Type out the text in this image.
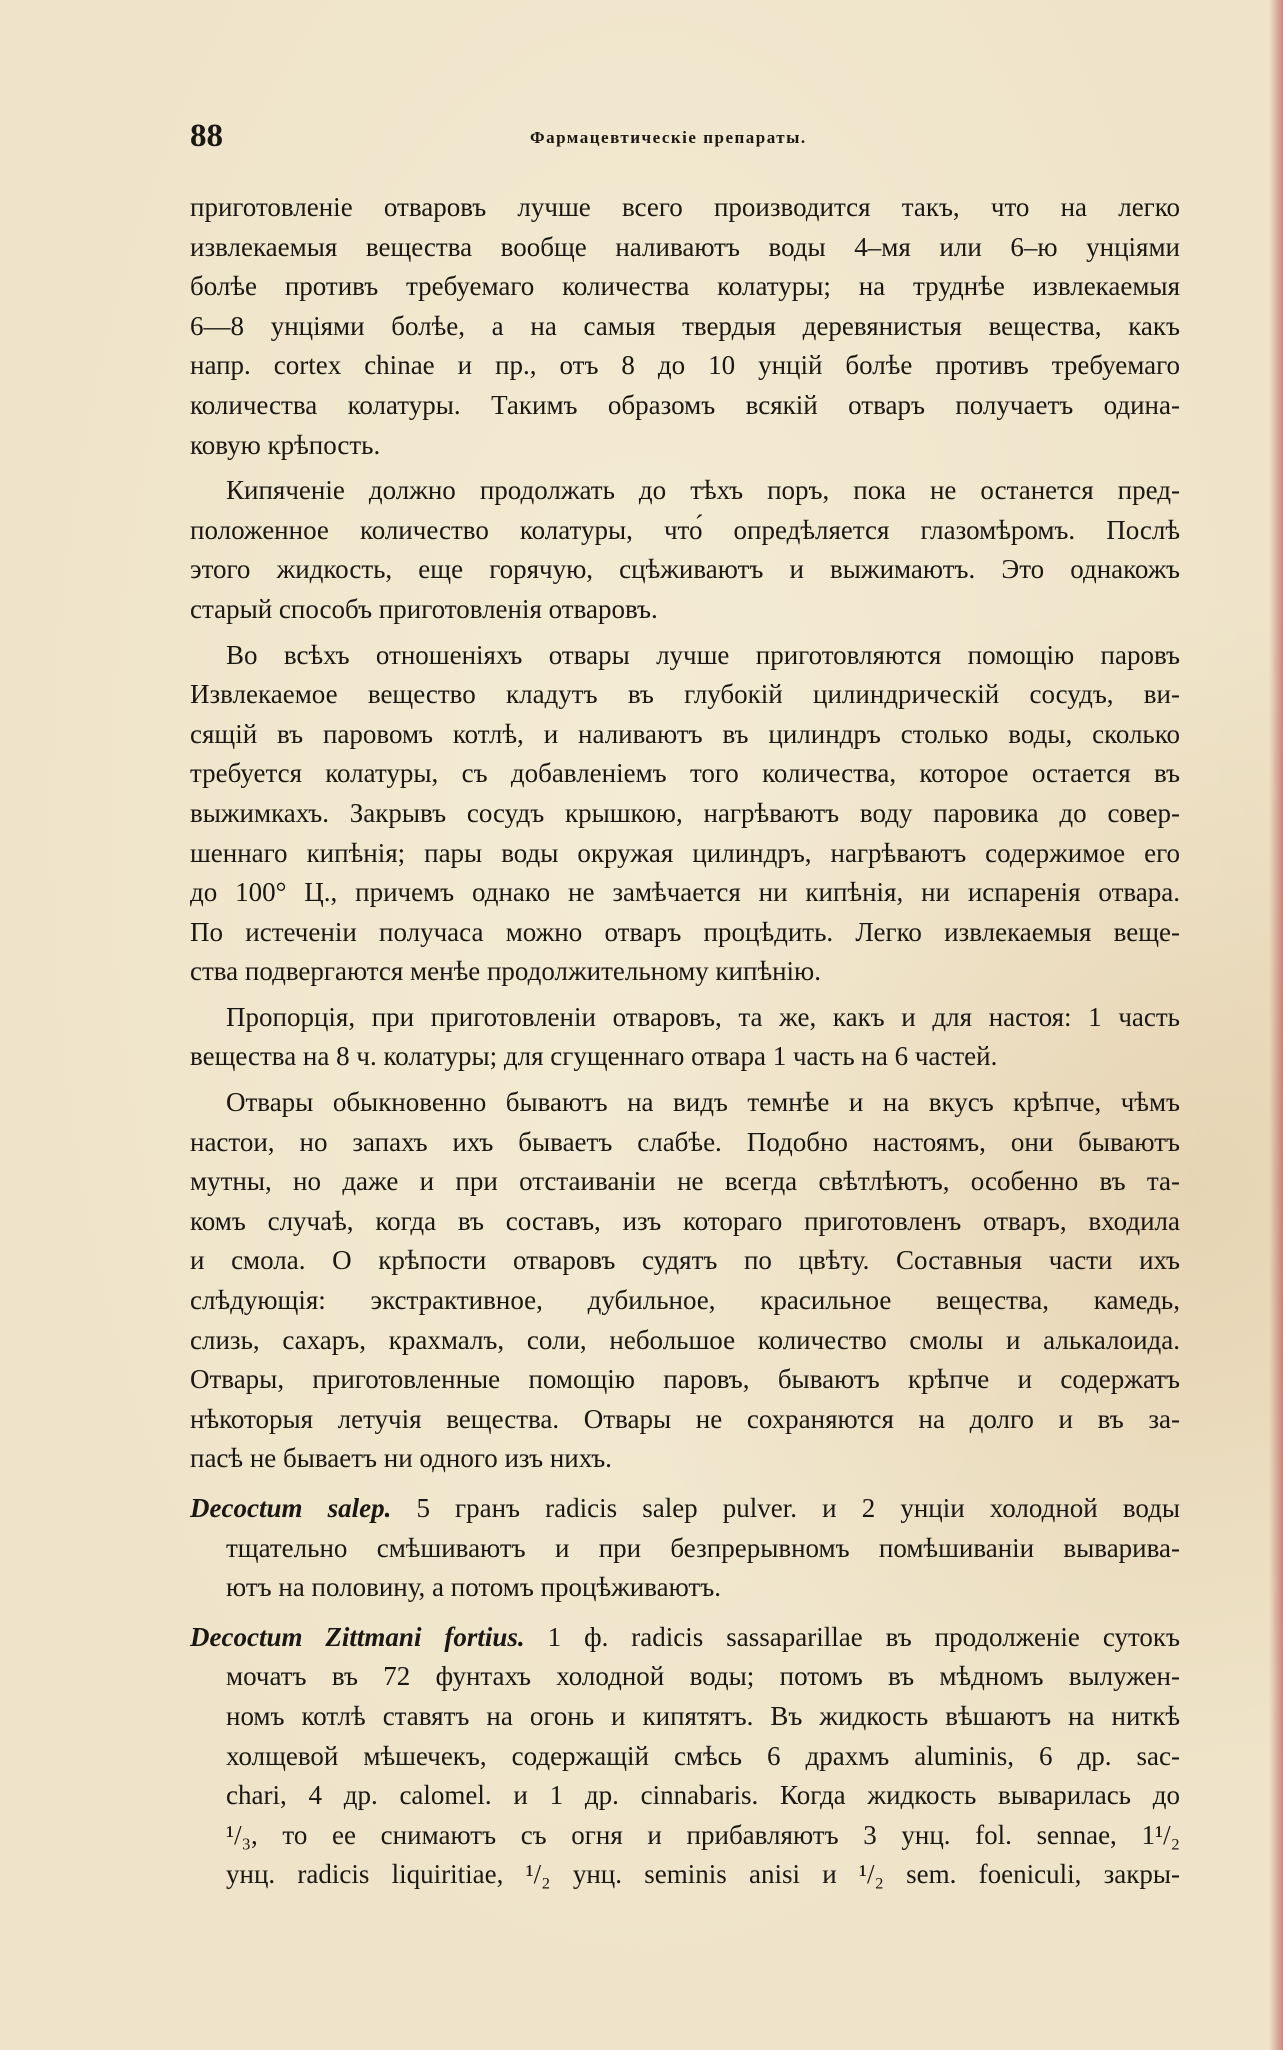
88	Фармацевтическіе препараты.
приготовленіе отваровъ лучше всего производится такъ, что на легко
извлекаемыя вещества вообще наливаютъ воды 4–мя или 6–ю унціями
болѣе противъ требуемаго количества колатуры; на труднѣе извлекаемыя
6—8 унціями болѣе, а на самыя твердыя деревянистыя вещества, какъ
напр. cortex chinae и пр., отъ 8 до 10 унцій болѣе противъ требуемаго
количества колатуры. Такимъ образомъ всякій отваръ получаетъ одина-
ковую крѣпость.
Кипяченіе должно продолжать до тѣхъ поръ, пока не останется пред-
положенное количество колатуры, что́ опредѣляется глазомѣромъ. Послѣ
этого жидкость, еще горячую, сцѣживаютъ и выжимаютъ. Это однакожъ
старый способъ приготовленія отваровъ.
Во всѣхъ отношеніяхъ отвары лучше приготовляются помощію паровъ
Извлекаемое вещество кладутъ въ глубокій цилиндрическій сосудъ, ви-
сящій въ паровомъ котлѣ, и наливаютъ въ цилиндръ столько воды, сколько
требуется колатуры, съ добавленіемъ того количества, которое остается въ
выжимкахъ. Закрывъ сосудъ крышкою, нагрѣваютъ воду паровика до совер-
шеннаго кипѣнія; пары воды окружая цилиндръ, нагрѣваютъ содержимое его
до 100° Ц., причемъ однако не замѣчается ни кипѣнія, ни испаренія отвара.
По истеченіи получаса можно отваръ процѣдить. Легко извлекаемыя веще-
ства подвергаются менѣе продолжительному кипѣнію.
Пропорція, при приготовленіи отваровъ, та же, какъ и для настоя: 1 часть
вещества на 8 ч. колатуры; для сгущеннаго отвара 1 часть на 6 частей.
Отвары обыкновенно бываютъ на видъ темнѣе и на вкусъ крѣпче, чѣмъ
настои, но запахъ ихъ бываетъ слабѣе. Подобно настоямъ, они бываютъ
мутны, но даже и при отстаиваніи не всегда свѣтлѣютъ, особенно въ та-
комъ случаѣ, когда въ составъ, изъ котораго приготовленъ отваръ, входила
и смола. О крѣпости отваровъ судятъ по цвѣту. Составныя части ихъ
слѣдующія: экстрактивное, дубильное, красильное вещества, камедь,
слизь, сахаръ, крахмалъ, соли, небольшое количество смолы и алькалоида.
Отвары, приготовленные помощію паровъ, бываютъ крѣпче и содержатъ
нѣкоторыя летучія вещества. Отвары не сохраняются на долго и въ за-
пасѣ не бываетъ ни одного изъ нихъ.
Decoctum salep. 5 гранъ radicis salep pulver. и 2 унціи холодной воды
тщательно смѣшиваютъ и при безпрерывномъ помѣшиваніи выварива-
ютъ на половину, а потомъ процѣживаютъ.
Decoctum Zittmani fortius. 1 ф. radicis sassaparillae въ продолженіе сутокъ
мочатъ въ 72 фунтахъ холодной воды; потомъ въ мѣдномъ вылужен-
номъ котлѣ ставятъ на огонь и кипятятъ. Въ жидкость вѣшаютъ на ниткѣ
холщевой мѣшечекъ, содержащій смѣсь 6 драхмъ aluminis, 6 др. sac-
chari, 4 др. calomel. и 1 др. cinnabaris. Когда жидкость выварилась до
¹/₃, то ее снимаютъ съ огня и прибавляютъ 3 унц. fol. sennae, 1¹/₂
унц. radicis liquiritiae, ¹/₂ унц. seminis anisi и ¹/₂ sem. foeniculi, закры-
